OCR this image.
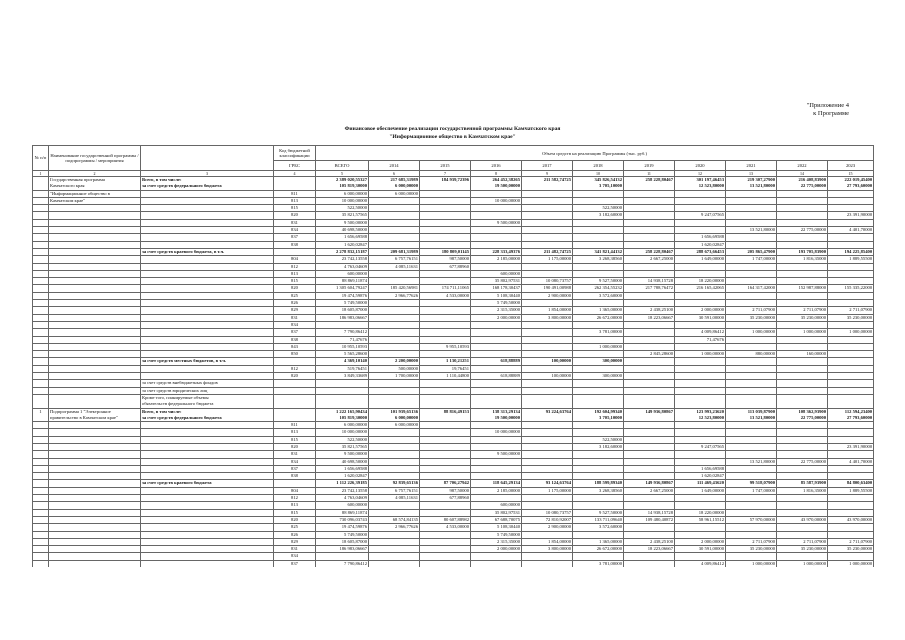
"Приложение 4
к Программе
Финансовое обеспечение реализации государственной программы Камчатского края
"Информационное общество в Камчатском крае"
№ п/п	Наименование государственной программы / подпрограммы / мероприятия		Код бюджетной классификации	Объем средств на реализацию Программы (тыс. руб.)										
			ГРБС	ВСЕГО	2014	2015	2016	2017	2018	2019	2020	2021	2022	2023
1	2	3	4	5	6	7	8	9	10	11	12	13	14	15
	Государственная программа	Всего, в том числе:		2 389 020,55327	217 685,31989	184 939,72396	264 452,38265	211 582,74725	345 826,54132	258 228,80467	301 197,46453	219 307,27900	216 408,83900	222 019,45400
	Камчатского края	за счет средств федерального бюджета		105 819,30000	6 000,00000		19 500,00000		3 705,10000		12 523,80000	13 521,80000	22 775,00000	27 793,60000
	"Информационное общество в		811	6 000,00000	6 000,00000									
	Камчатском крае"		813	10 000,00000			10 000,00000							
			815	522,50000					522,50000					
			820	35 821,57565					3 182,60000		9 247,07565			23 391,90000
			831	9 500,00000			9 500,00000							
			834	40 698,50000								13 521,80000	22 775,00000	4 401,70000
			837	1 656,69588							1 656,69588			
			838	1 620,02847							1 620,02847			
		за счет средств краевого бюджета, в т.ч.		2 278 832,15187	209 681,31989	180 809,01145	228 333,49376	211 482,74725	341 821,44132	258 228,80467	288 673,66453	205 865,47900	193 705,83900	194 225,85400
			804	23 742,13558	6 757,76151	987,50000	2 185,00000	1 175,00000	3 268,38560	2 667,25000	1 649,00000	1 747,00000	1 816,35000	1 889,55500
			812	4 763,04609	4 085,11631	677,88960								
			813	600,00000			600,00000							
			815	88 869,11874			35 802,97531	10 080,73757	9 527,50000	14 938,15728	18 220,00000			
			820	1 305 604,79247	185 420,56981	174 711,11065	168 178,30437	190 491,00988	262 354,55232	217 788,76472	216 165,42065	164 317,42000	152 987,88000	155 335,22000
			825	19 474,59876	2 966,77626	4 533,00000	5 108,30440	2 900,00000	3 572,60000					
			826	5 749,50000			5 749,50000							
			829	18 605,87000			2 315,35000	1 854,00000	1 365,00000	2 438,25100	2 000,00000	2 711,07900	2 711,07900	2 711,07900
			831	186 983,06667			2 000,00000	3 800,00000	26 672,00000	18 223,06667	30 591,00000	35 230,00000	35 230,00000	35 230,00000
			834											
			837	7 790,86412					3 781,00000		4 009,86412	1 000,00000	1 000,00000	1 000,00000
			838	71,47676							71,47676			
			843	10 955,10593		9 955,10593			1 000,00000					
			850	5 565,28600						2 845,28600	1 000,00000	880,00000	160,00000	
		за счет средств местных бюджетов, в т.ч.		4 369,10140	2 200,00000	1 130,21251	618,88889	100,00000	300,00000					
			812	519,76451	500,00000	19,76451								
			820	3 849,33689	1 700,00000	1 110,44800	618,88889	100,00000	300,00000					
		за счет средств внебюджетных фондов												
		за счет средств юридических лиц												
		Кроме того, планируемые объемы												
		обязательств федерального бюджета												
1	Подпрограмма 1 "Электронное	Всего, в том числе:		1 222 165,90434	101 939,65136	88 816,49153	138 313,29134	93 224,63764	192 604,99340	149 936,80867	123 993,23620	113 039,87900	108 362,93900	112 594,23400
	правительство в Камчатском крае"	за счет средств федерального бюджета		105 819,30000	6 000,00000		19 500,00000		3 705,10000		12 523,80000	13 521,80000	22 775,00000	27 793,60000
			811	6 000,00000	6 000,00000									
			813	10 000,00000			10 000,00000							
			815	522,50000					522,50000					
			820	35 821,57565					3 182,60000		9 247,07565			23 391,90000
			831	9 500,00000			9 500,00000							
			834	40 698,50000								13 521,80000	22 775,00000	4 401,70000
			837	1 656,69588							1 656,69588			
			838	1 620,02847							1 620,02847			
		за счет средств краевого бюджета		1 112 226,39185	92 839,65136	87 706,27942	118 645,29134	93 124,63764	188 599,89340	149 936,80867	111 469,43620	99 518,07900	85 587,93900	84 800,63400
			804	23 742,13558	6 757,76151	987,50000	2 185,00000	1 175,00000	3 268,38560	2 667,25000	1 649,00000	1 747,00000	1 816,35000	1 889,55500
			812	4 763,04609	4 085,11631	677,88960								
			813	600,00000			600,00000							
			815	88 869,11874			35 802,97531	10 080,73757	9 527,50000	14 938,15728	18 220,00000			
			820	730 096,03743	68 574,84135	80 607,88982	67 688,70075	72 810,92007	133 711,09640	109 480,40872	58 961,15512	57 970,00000	43 970,00000	43 970,00000
			825	19 474,59876	2 966,77626	4 533,00000	5 108,30440	2 900,00000	3 572,60000					
			826	5 749,50000			5 749,50000							
			829	18 605,87000			2 315,35000	1 854,00000	1 365,00000	2 438,25100	2 000,00000	2 711,07900	2 711,07900	2 711,07900
			831	186 983,06667			2 000,00000	3 800,00000	26 672,00000	18 223,06667	30 591,00000	35 230,00000	35 230,00000	35 230,00000
			834											
			837	7 790,86412					3 781,00000		4 009,86412	1 000,00000	1 000,00000	1 000,00000
